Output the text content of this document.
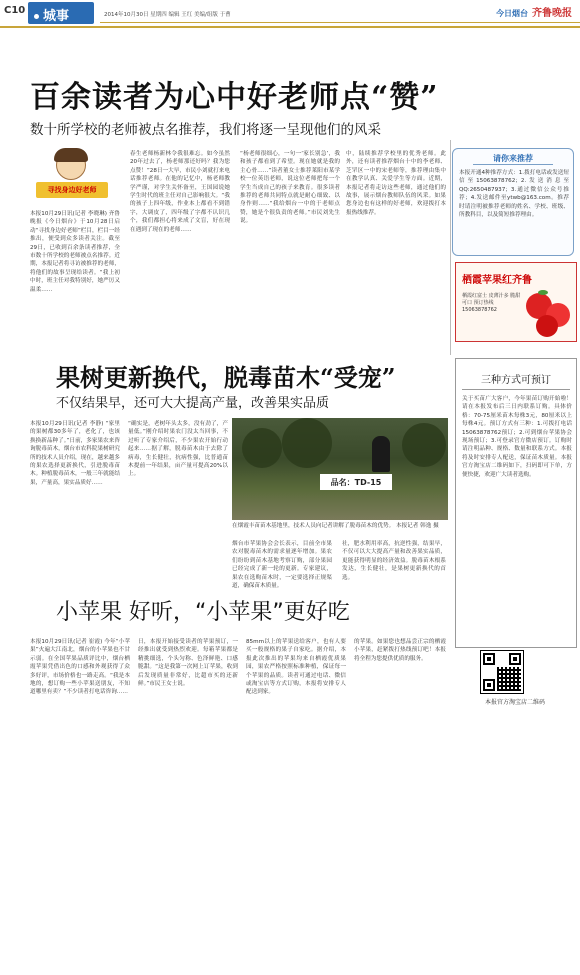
C10	城事	2014年10月30日 星期四 编辑 王红 美编/组版 于曹	今日烟台 齐鲁晚报
百余读者为心中好老师点“赞”
数十所学校的老师被点名推荐，我们将逐一呈现他们的风采
寻找身边好老师
本报10月29日讯(记者 李晓琳) 齐鲁晚报《今日烟台》于10月28日启动“寻找身边好老师”栏目，栏目一经推出，便受到众多读者关注。截至29日，已收到百余条读者推荐，全市数十所学校的老师被点名推荐。近期，本报记者将寻访被推荐的老师，将他们的故事呈现给读者。“我上初中时，班主任对我特别好，她严厉又温柔……
春生老师杨新林令我很难忘。如今虽然20年过去了，杨老师那还好吗？我为您点赞！”28日一大早，市民小刘就打来电话推荐老师。在他的记忆中，杨老师教学严谨，对学生关怀备至，王国园说她学生时代的班主任对自己影响很大。“我的孩子上四年级，作业本上都看不到错字，大调皮了，四年级了字都不认识几个，我们都担心将来成了文盲，好在现在遇到了现在的老师……
“杨老师很细心，一句一‘家长别急’，我和孩子都看到了希望。现在她就是我的主心骨……”读者董女士推荐莱阳市某学校一位英语老师，说这位老师把每一个学生当成自己的孩子来教育。很多读者推荐的老师共同特点就是耐心细致、以身作则……“我给烟台一中的于老师点赞，她是个很负责的老师。”市民刘先生说。
中，陆续推荐学校里的优秀老师。此外，还有读者推荐烟台十中的李老师、芝罘区一中的宋老师等，推荐理由集中在教学认真、关爱学生等方面。近期，本报记者将走访这些老师，通过他们的故事，展示烟台教师队伍的风采。如果您身边也有这样的好老师，欢迎拨打本报热线推荐。
请你来推荐
本报开通4种推荐方式：1.拨打电话或发送短信至15063878762；2.发送消息至QQ:2650487937；3.通过微信公众号推荐；4.发送邮件至ytwb@163.com。推荐时请注明被推荐老师的姓名、学校、班级、所教科目，以及简短推荐理由。
栖霞苹果红齐鲁
栖霞红富士 皮薄汁多 脆甜可口 预订热线 15063878762
果树更新换代，脱毒苗木“受宠”
不仅结果早，还可大大提高产量，改善果实品质
本报10月29日讯(记者 李静) “家里的果树都30多年了，老化了，也该换换新品种了。”日前，多家果农来咨询脱毒苗木，烟台市农科院果树研究所的技术人员介绍，现在，越来越多的果农选择更新换代，引进脱毒苗木。种植脱毒苗木，一般三年就能结果，产量高，果实品质好……
“确实是，老树年头太多，没有劲了，产量低。”刚介绍时果农门没太当回事，不过听了专家介绍后，不少果农开始行动起来……据了解，脱毒苗木由于去除了病毒，生长健壮，抗病性强，比普通苗木提前一年结果，亩产量可提高20%以上。
品名：TD-15
在烟霞丰苗苗木基地里，技术人员向记者讲解了脱毒苗木的优势。 本报记者 韩逸 摄
烟台市苹果协会会长表示，目前全市果农对脱毒苗木的需求量逐年增加。果农们纷纷到苗木基地考察订购，部分果园已经完成了新一轮的更新。专家建议，果农在选购苗木时，一定要选择正规渠道，确保苗木质量。
社，肥水利用率高，抗逆性强，结果早，不仅可以大大提高产量和改善果实品质，更能获得明显的经济效益。脱毒苗木根系发达，生长健壮，是果树更新换代的首选。
三种方式可预订
关于买苗广大客户，今年果苗订购开始啦！请在本报发布后三日内联系订购。具体价格：70-75厘米苗木每株3元，80厘米以上每株4元。预订方式有三种：1.可拨打电话15063878762预订；2.可到烟台苹果协会现场预订；3.可登录官方微店预订。订购时请注明品种、规格、数量和联系方式。本报将及时安排专人配送，保证苗木质量。本报官方淘宝店二维码如下，扫码即可下单，方便快捷，欢迎广大读者选购。
小苹果 好听，“小苹果”更好吃
本报10月29日讯(记者 崔霞) 今年“小苹果”火遍大江南北，烟台的小苹果也不甘示弱。在全国苹果品质评比中，烟台栖霞苹果凭借出色的口感和外观获得了众多好评，市场价格也一路走高。“我是本地的，想订购一些小苹果送朋友，不知道哪里有卖？”不少读者打电话咨询……
日，本报开始接受读者的苹果预订，一经推出就受到热烈欢迎。每箱苹果都是精挑细选，个头匀称、色泽鲜艳、口感脆甜。“这是我第一次网上订苹果，收到后发现质量非常好，比超市买的还新鲜。”市民王女士说。
85mm以上的苹果送给客户，也有人要买一般规格的果子自家吃。据介绍，本报此次推出的苹果均来自栖霞优质果园，果农严格按照标准种植，保证每一个苹果的品质。读者可通过电话、微信或淘宝店等方式订购，本报将安排专人配送到家。
的苹果。如果您也想品尝正宗的栖霞小苹果，赶紧拨打热线预订吧！本报将全程为您提供优质的服务。
本报官方淘宝店二维码
